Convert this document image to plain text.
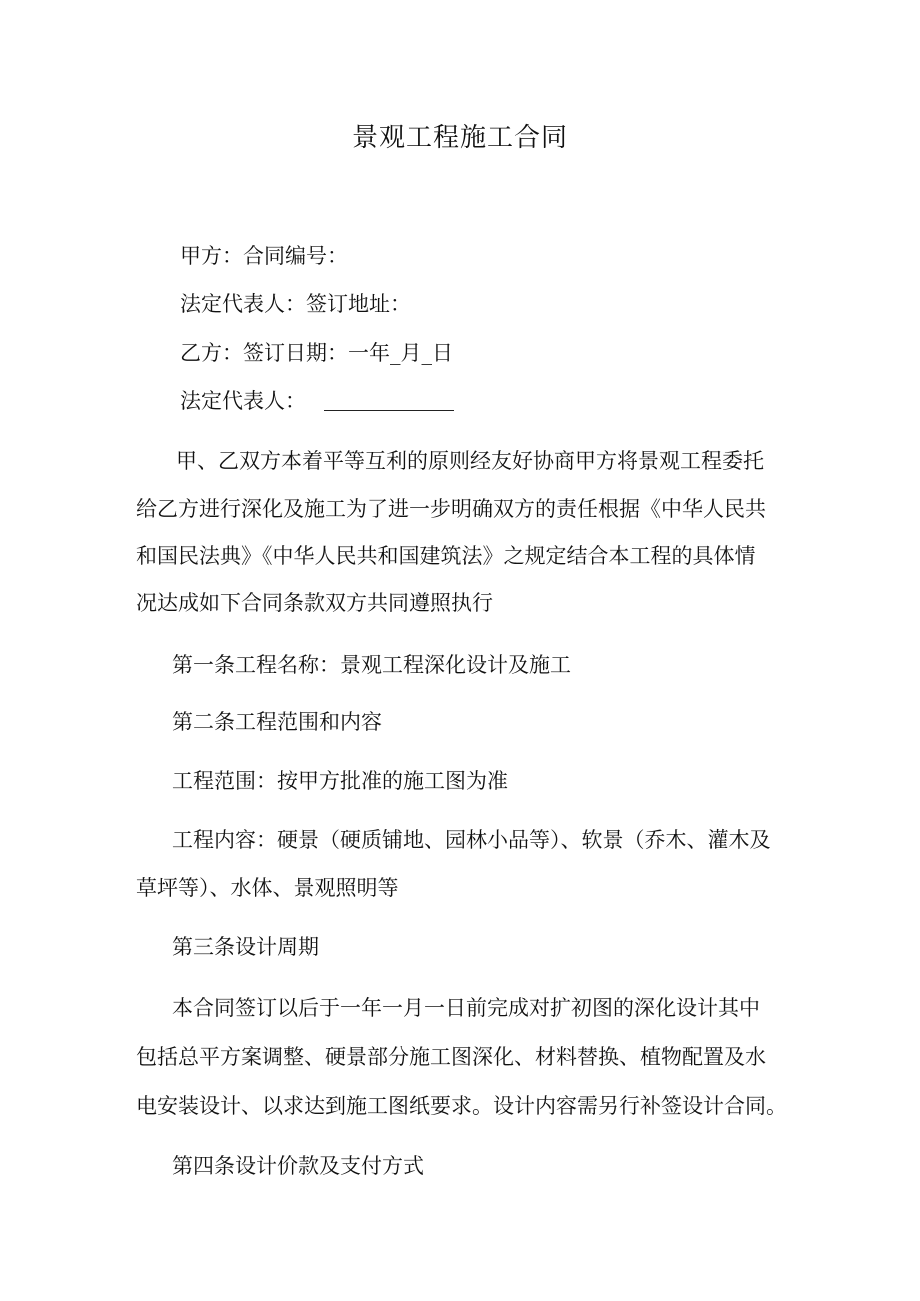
景观工程施工合同
甲方：合同编号：
法定代表人：签订地址：
乙方：签订日期：一年_月_日
法定代表人：
甲、乙双方本着平等互利的原则经友好协商甲方将景观工程委托
给乙方进行深化及施工为了进一步明确双方的责任根据《中华人民共
和国民法典》《中华人民共和国建筑法》之规定结合本工程的具体情
况达成如下合同条款双方共同遵照执行
第一条工程名称：景观工程深化设计及施工
第二条工程范围和内容
工程范围：按甲方批准的施工图为准
工程内容：硬景（硬质铺地、园林小品等）、软景（乔木、灌木及
草坪等）、水体、景观照明等
第三条设计周期
本合同签订以后于一年一月一日前完成对扩初图的深化设计其中
包括总平方案调整、硬景部分施工图深化、材料替换、植物配置及水
电安装设计、以求达到施工图纸要求。设计内容需另行补签设计合同。
第四条设计价款及支付方式
